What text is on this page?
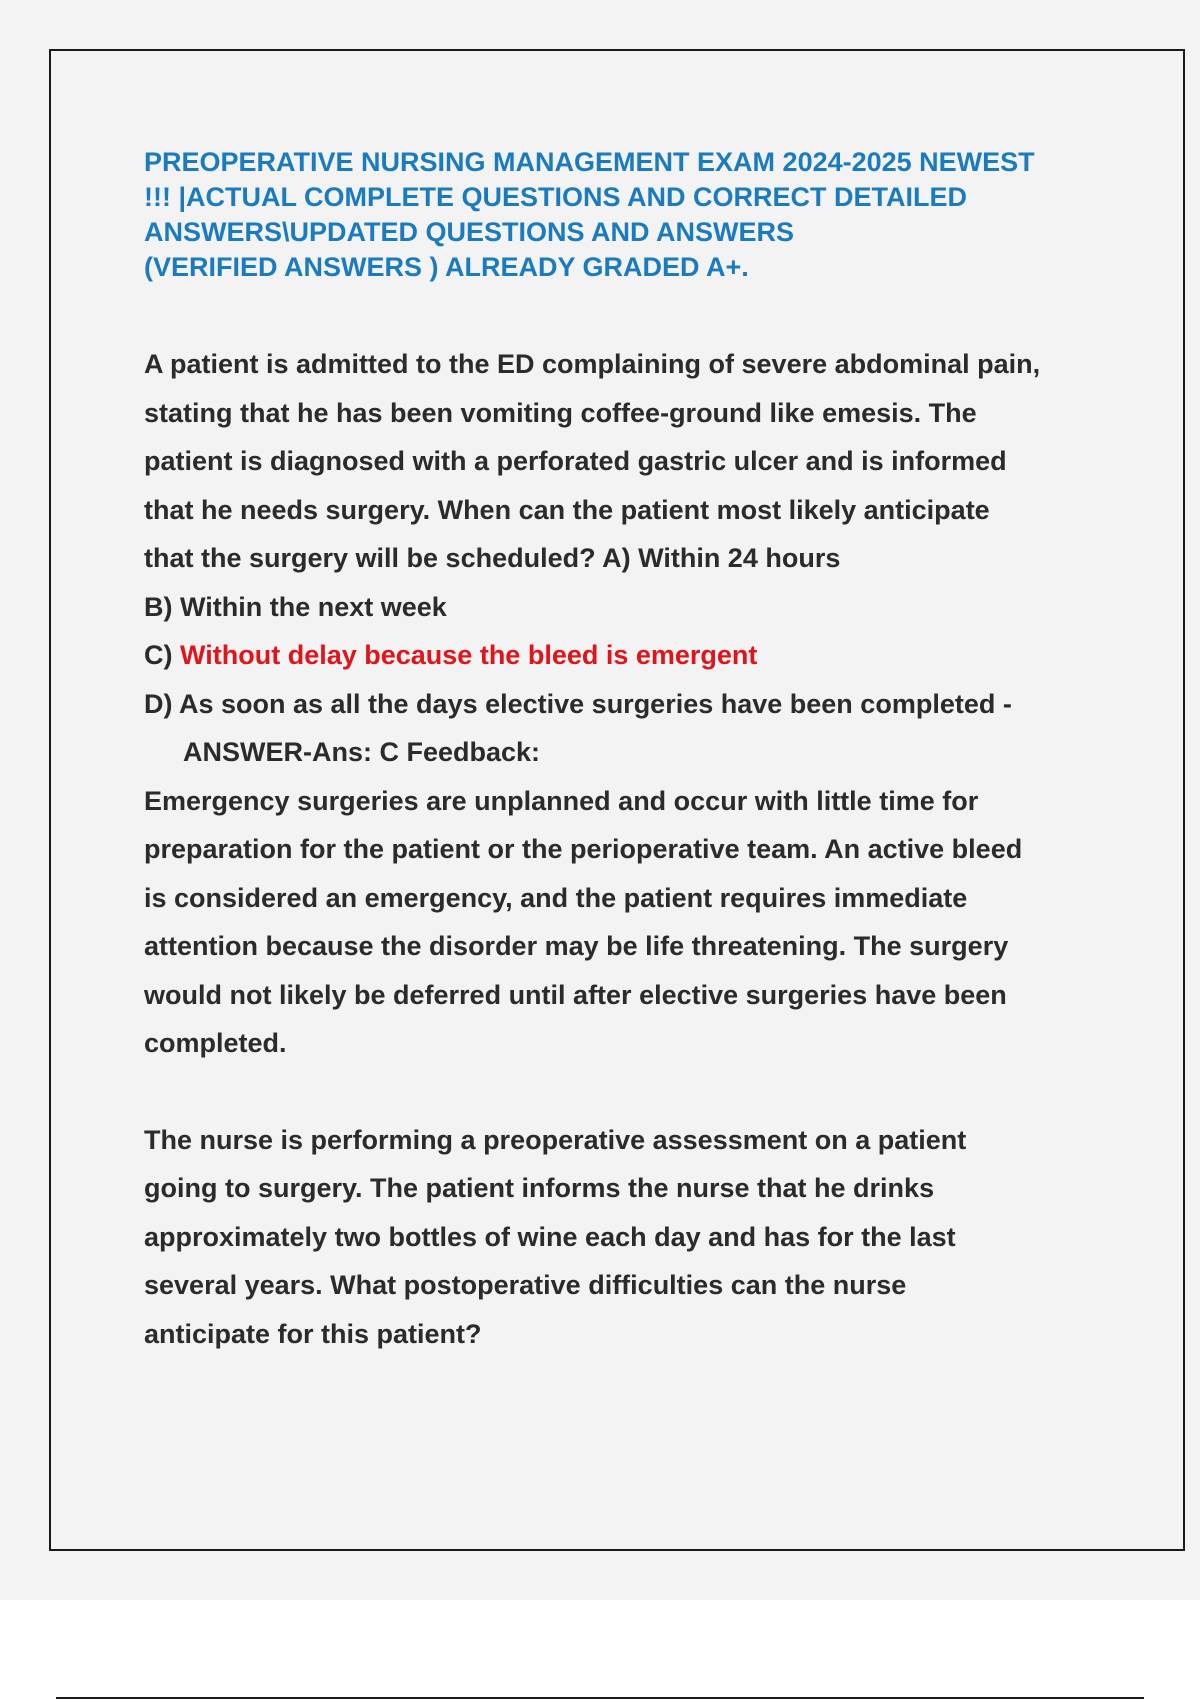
PREOPERATIVE NURSING MANAGEMENT EXAM 2024-2025 NEWEST
!!! |ACTUAL COMPLETE QUESTIONS AND CORRECT DETAILED
ANSWERS\UPDATED QUESTIONS AND ANSWERS
(VERIFIED ANSWERS ) ALREADY GRADED A+.
A patient is admitted to the ED complaining of severe abdominal pain,
stating that he has been vomiting coffee-ground like emesis. The
patient is diagnosed with a perforated gastric ulcer and is informed
that he needs surgery. When can the patient most likely anticipate
that the surgery will be scheduled? A) Within 24 hours
B) Within the next week
C) Without delay because the bleed is emergent
D) As soon as all the days elective surgeries have been completed -
ANSWER-Ans: C Feedback:
Emergency surgeries are unplanned and occur with little time for
preparation for the patient or the perioperative team. An active bleed
is considered an emergency, and the patient requires immediate
attention because the disorder may be life threatening. The surgery
would not likely be deferred until after elective surgeries have been
completed.
The nurse is performing a preoperative assessment on a patient
going to surgery. The patient informs the nurse that he drinks
approximately two bottles of wine each day and has for the last
several years. What postoperative difficulties can the nurse
anticipate for this patient?
